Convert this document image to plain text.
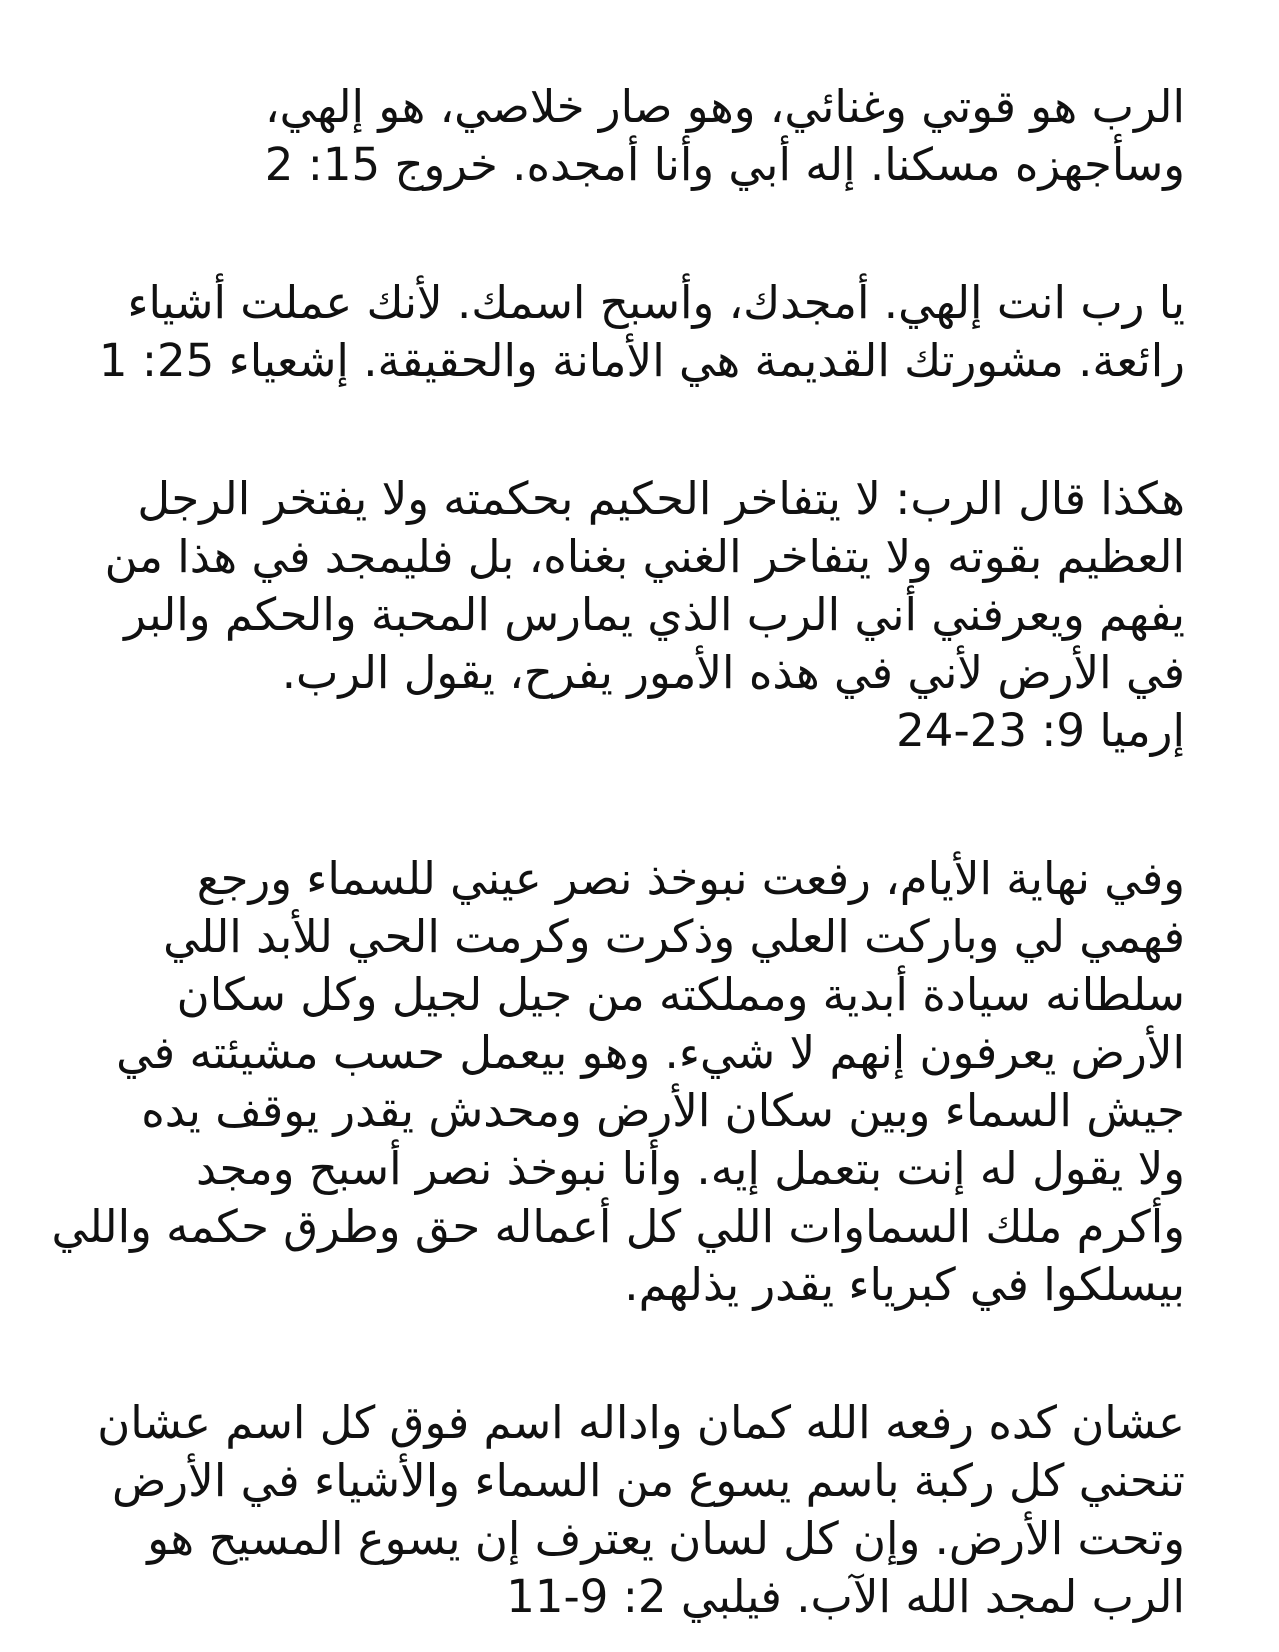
الرب هو قوتي وغنائي، وهو صار خلاصي، هو إلهي،
وسأجهزه مسكنا. إله أبي وأنا أمجده. خروج 15: 2
يا رب انت إلهي. أمجدك، وأسبح اسمك. لأنك عملت أشياء
رائعة. مشورتك القديمة هي الأمانة والحقيقة. إشعياء 25: 1
هكذا قال الرب: لا يتفاخر الحكيم بحكمته ولا يفتخر الرجل
العظيم بقوته ولا يتفاخر الغني بغناه، بل فليمجد في هذا من
يفهم ويعرفني أني الرب الذي يمارس المحبة والحكم والبر
في الأرض لأني في هذه الأمور يفرح، يقول الرب.
إرميا 9: 23-24
وفي نهاية الأيام، رفعت نبوخذ نصر عيني للسماء ورجع
فهمي لي وباركت العلي وذكرت وكرمت الحي للأبد اللي
سلطانه سيادة أبدية ومملكته من جيل لجيل وكل سكان
الأرض يعرفون إنهم لا شيء. وهو بيعمل حسب مشيئته في
جيش السماء وبين سكان الأرض ومحدش يقدر يوقف يده
ولا يقول له إنت بتعمل إيه. وأنا نبوخذ نصر أسبح ومجد
وأكرم ملك السماوات اللي كل أعماله حق وطرق حكمه واللي
بيسلكوا في كبرياء يقدر يذلهم.
عشان كده رفعه الله كمان واداله اسم فوق كل اسم عشان
تنحني كل ركبة باسم يسوع من السماء والأشياء في الأرض
وتحت الأرض. وإن كل لسان يعترف إن يسوع المسيح هو
الرب لمجد الله الآب. فيلبي 2: 9-11
